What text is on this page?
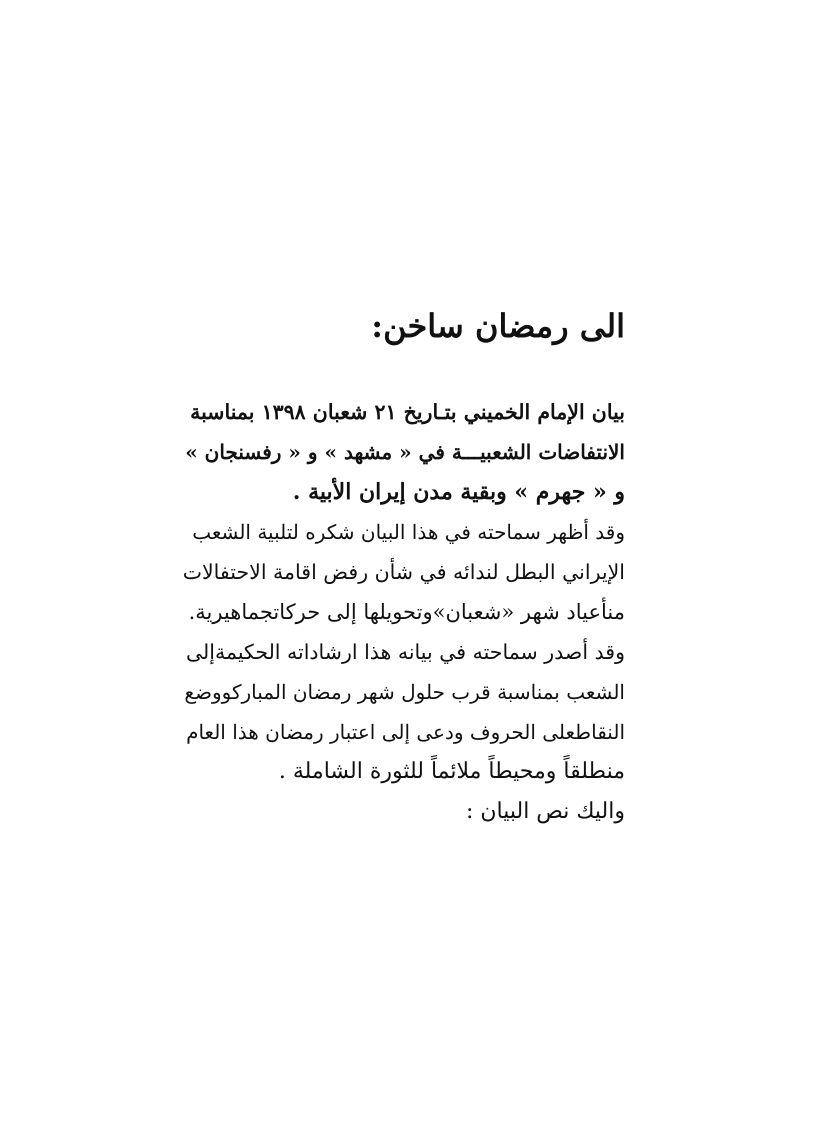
الى رمضان ساخن:
بيان الإمام الخميني بتـاريخ ٢١ شعبان ١٣٩٨ بمناسبة
الانتفاضات الشعبيـــة في « مشهد » و « رفسنجان »
و « جهرم » وبقية مدن إيران الأبية .
وقد أظهر سماحته في هذا البيان شكره لتلبية الشعب
الإيراني البطل لندائه في شأن رفض اقامة الاحتفالات
منأعياد شهر «شعبان»وتحويلها إلى حركاتجماهيرية.
وقد أصدر سماحته في بيانه هذا ارشاداته الحكيمةإلى
الشعب بمناسبة قرب حلول شهر رمضان المباركووضع
النقاطعلى الحروف ودعى إلى اعتبار رمضان هذا العام
منطلقاً ومحيطاً ملائماً للثورة الشاملة .
واليك نص البيان :
